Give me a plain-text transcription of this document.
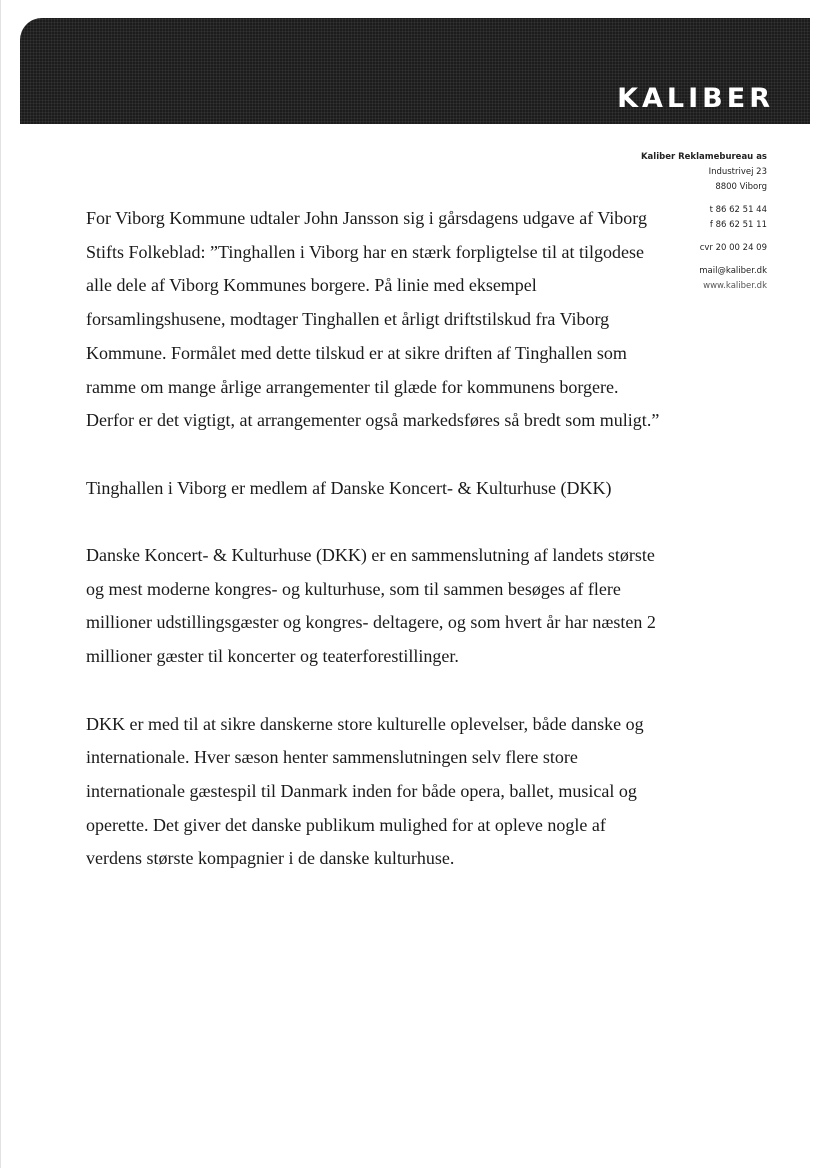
KALIBER
Kaliber Reklamebureau as
Industrivej 23
8800 Viborg
t 86 62 51 44
f 86 62 51 11
cvr 20 00 24 09
mail@kaliber.dk
www.kaliber.dk

For Viborg Kommune udtaler John Jansson sig i gårsdagens udgave af Viborg Stifts Folkeblad: ”Tinghallen i Viborg har en stærk forpligtelse til at tilgodese alle dele af Viborg Kommunes borgere. På linie med eksempel forsamlingshusene, modtager Tinghallen et årligt driftstilskud fra Viborg Kommune. Formålet med dette tilskud er at sikre driften af Tinghallen som ramme om mange årlige arrangementer til glæde for kommunens borgere. Derfor er det vigtigt, at arrangementer også markedsføres så bredt som muligt.”

Tinghallen i Viborg er medlem af Danske Koncert- & Kulturhuse (DKK)

Danske Koncert- & Kulturhuse (DKK) er en sammenslutning af landets største og mest moderne kongres- og kulturhuse, som til sammen besøges af flere millioner udstillingsgæster og kongres- deltagere, og som hvert år har næsten 2 millioner gæster til koncerter og teaterforestillinger.

DKK er med til at sikre danskerne store kulturelle oplevelser, både danske og internationale. Hver sæson henter sammenslutningen selv flere store internationale gæstespil til Danmark inden for både opera, ballet, musical og operette. Det giver det danske publikum mulighed for at opleve nogle af verdens største kompagnier i de danske kulturhuse.
